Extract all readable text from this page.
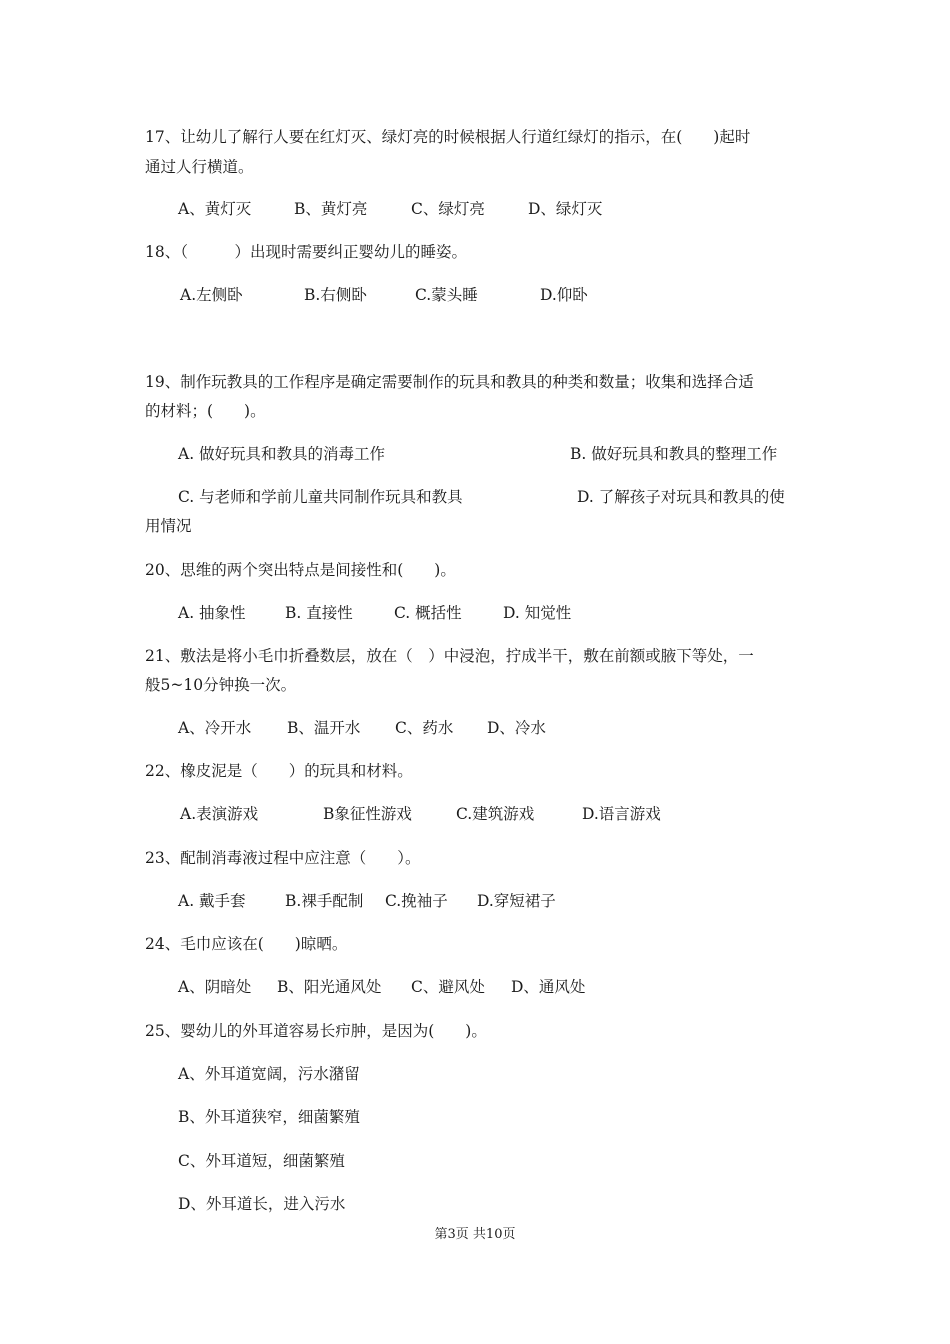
17、让幼儿了解行人要在红灯灭、绿灯亮的时候根据人行道红绿灯的指示，在(　　)起时
通过人行横道。
A、黄灯灭	B、黄灯亮	C、绿灯亮	D、绿灯灭
18、（　　　）出现时需要纠正婴幼儿的睡姿。
A.左侧卧	B.右侧卧	C.蒙头睡	D.仰卧
19、制作玩教具的工作程序是确定需要制作的玩具和教具的种类和数量；收集和选择合适
的材料；(　　)。
A. 做好玩具和教具的消毒工作	B. 做好玩具和教具的整理工作
C. 与老师和学前儿童共同制作玩具和教具	D. 了解孩子对玩具和教具的使
用情况
20、思维的两个突出特点是间接性和(　　)。
A. 抽象性	B. 直接性	C. 概括性	D. 知觉性
21、敷法是将小毛巾折叠数层，放在（　）中浸泡，拧成半干，敷在前额或腋下等处，一
般5~10分钟换一次。
A、冷开水 B、温开水 C、药水 D、冷水
22、橡皮泥是（　　）的玩具和材料。
A.表演游戏	B象征性游戏	C.建筑游戏	D.语言游戏
23、配制消毒液过程中应注意（　　）。
A. 戴手套	B.裸手配制 C.挽袖子 D.穿短裙子
24、毛巾应该在(　　)晾晒。
A、阴暗处 B、阳光通风处 C、避风处 D、通风处
25、婴幼儿的外耳道容易长疖肿，是因为(　　)。
A、外耳道宽阔，污水潴留
B、外耳道狭窄，细菌繁殖
C、外耳道短，细菌繁殖
D、外耳道长，进入污水
第3页 共10页
